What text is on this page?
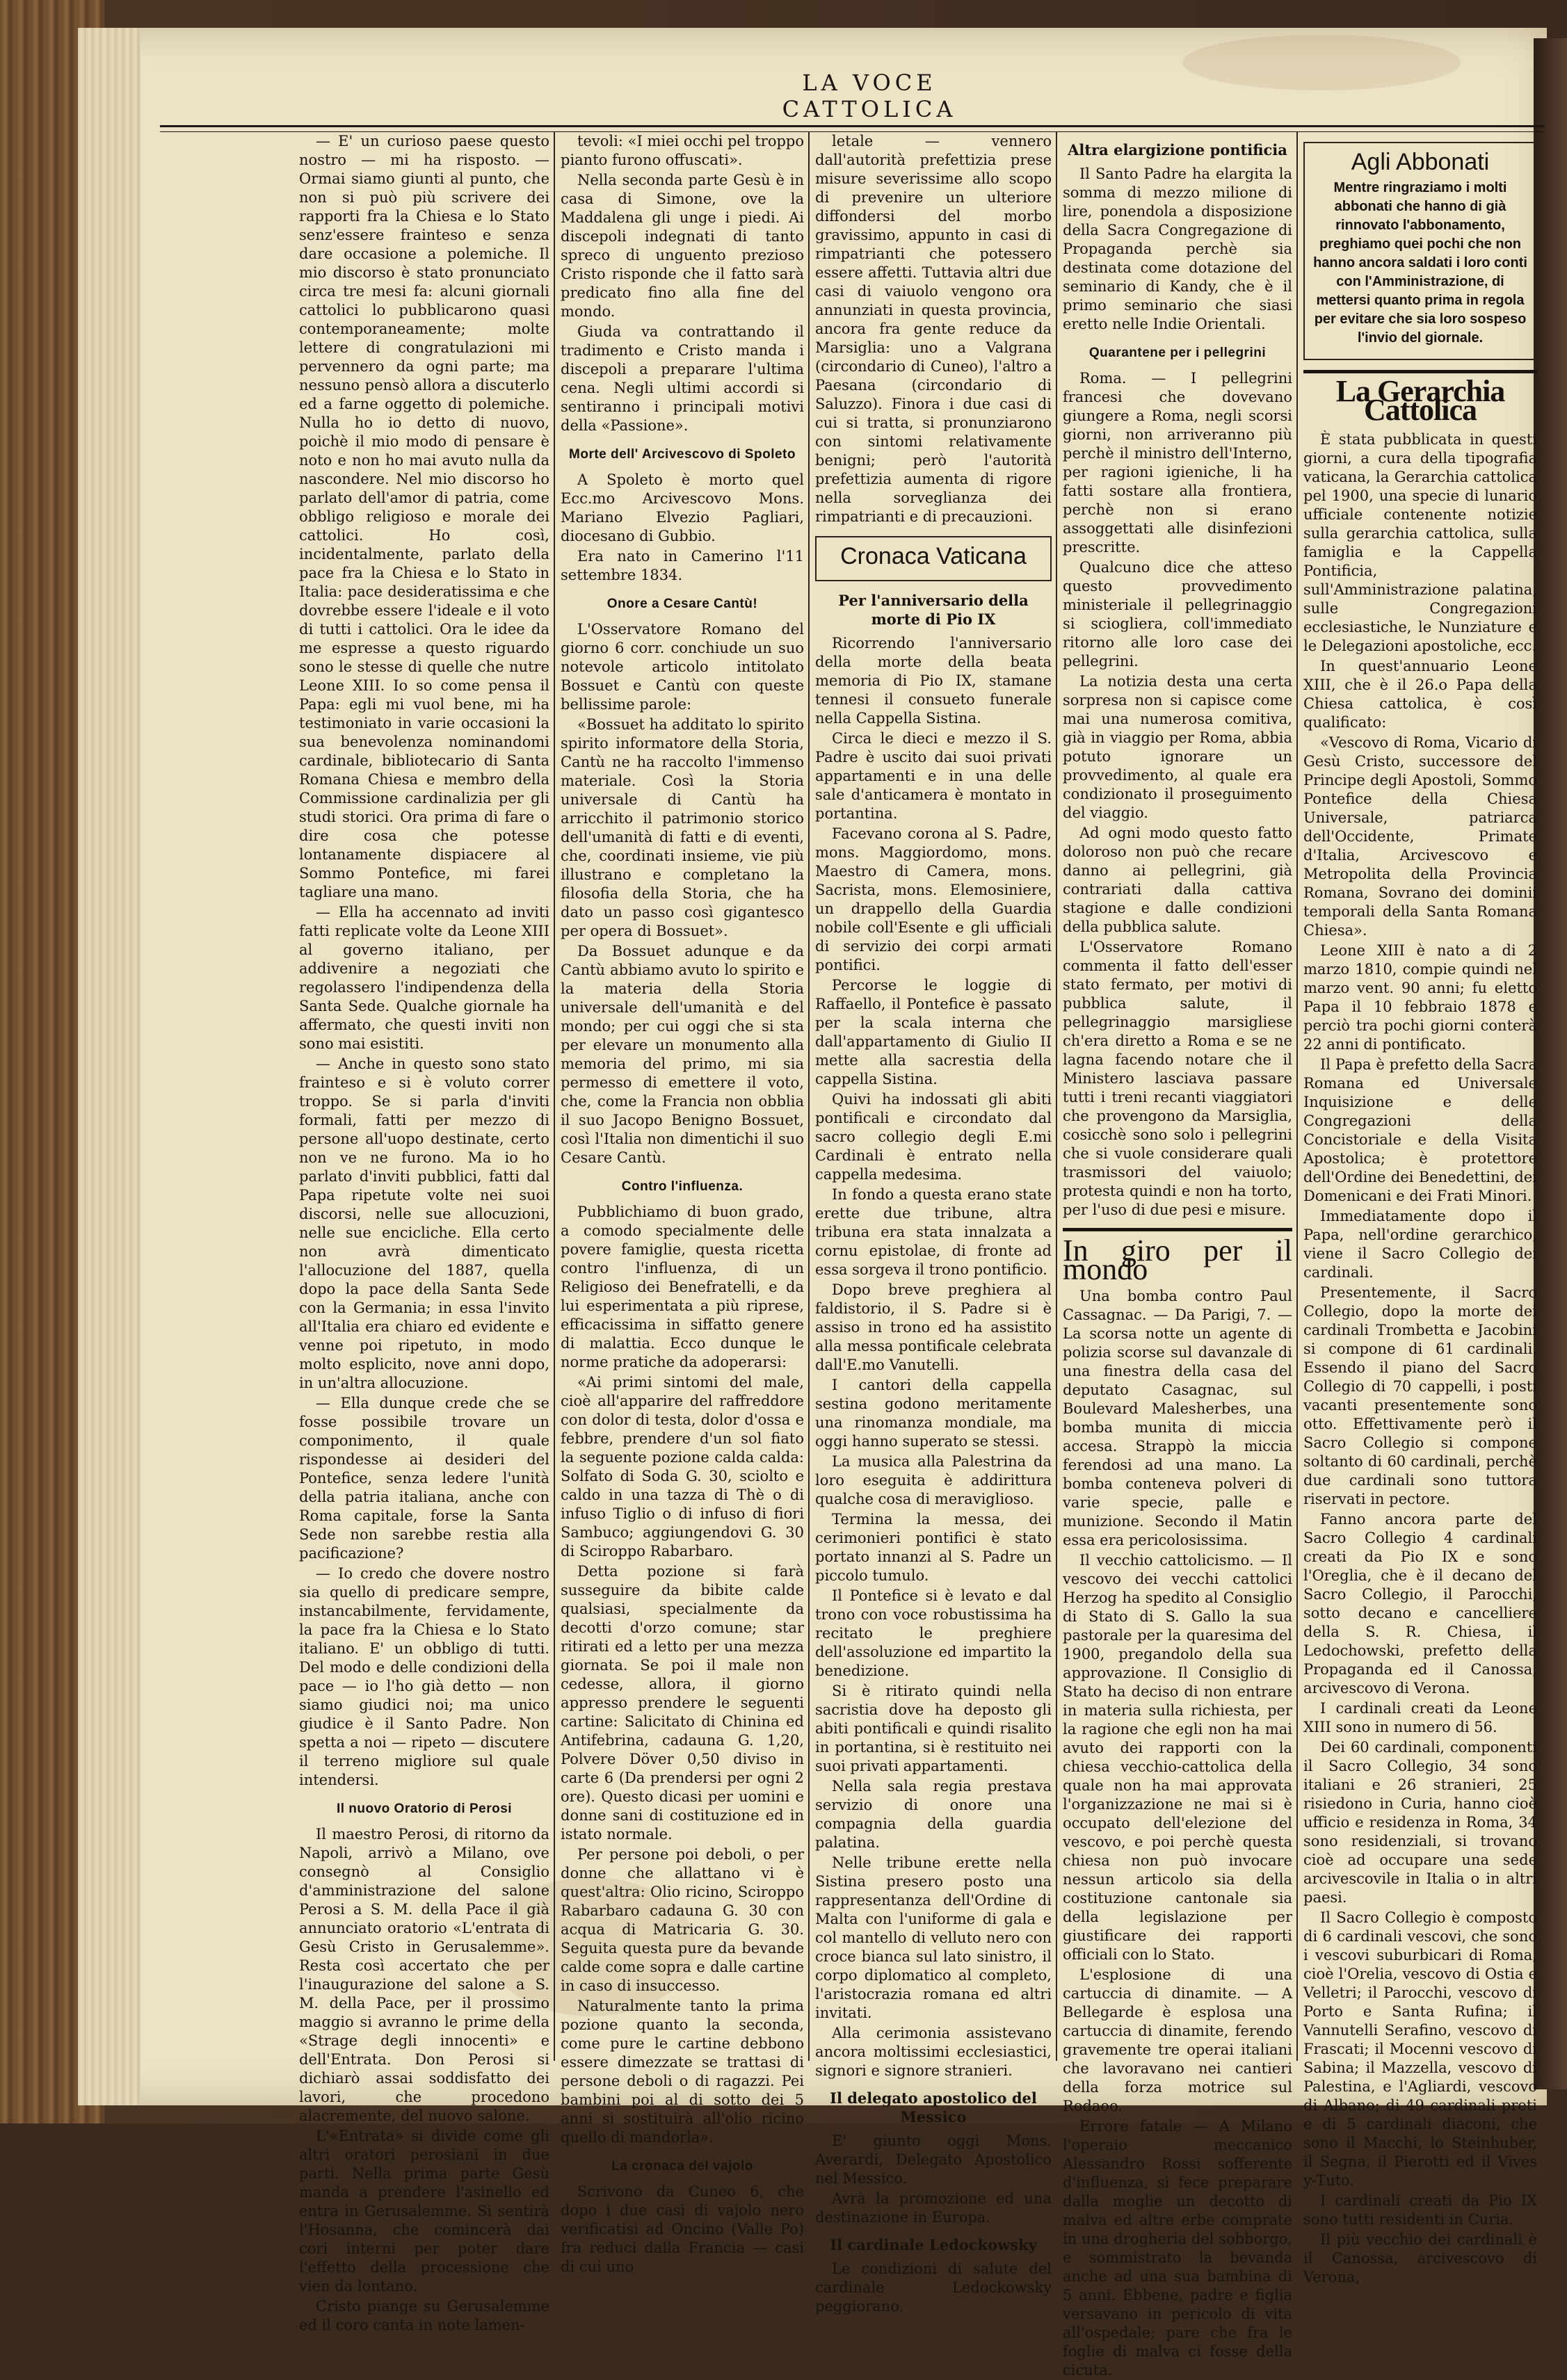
LA VOCE CATTOLICA

— E' un curioso paese questo nostro — mi ha risposto. — Ormai siamo giunti al punto, che non si può più scrivere dei rapporti fra la Chiesa e lo Stato senz'essere frainteso e senza dare occasione a polemiche. Il mio discorso è stato pronunciato circa tre mesi fa: alcuni giornali cattolici lo pubblicarono quasi contemporaneamente; molte lettere di congratulazioni mi pervennero da ogni parte; ma nessuno pensò allora a discuterlo ed a farne oggetto di polemiche. Nulla ho io detto di nuovo, poichè il mio modo di pensare è noto e non ho mai avuto nulla da nascondere. Nel mio discorso ho parlato dell'amor di patria, come obbligo religioso e morale dei cattolici. Ho così, incidentalmente, parlato della pace fra la Chiesa e lo Stato in Italia: pace desideratissima e che dovrebbe essere l'ideale e il voto di tutti i cattolici. Ora le idee da me espresse a questo riguardo sono le stesse di quelle che nutre Leone XIII. Io so come pensa il Papa: egli mi vuol bene, mi ha testimoniato in varie occasioni la sua benevolenza nominandomi cardinale, bibliotecario di Santa Romana Chiesa e membro della Commissione cardinalizia per gli studi storici. Ora prima di fare o dire cosa che potesse lontanamente dispiacere al Sommo Pontefice, mi farei tagliare una mano.

— Ella ha accennato ad inviti fatti replicate volte da Leone XIII al governo italiano, per addivenire a negoziati che regolassero l'indipendenza della Santa Sede. Qualche giornale ha affermato, che questi inviti non sono mai esistiti.

— Anche in questo sono stato frainteso e si è voluto correr troppo. Se si parla d'inviti formali, fatti per mezzo di persone all'uopo destinate, certo non ve ne furono. Ma io ho parlato d'inviti pubblici, fatti dal Papa ripetute volte nei suoi discorsi, nelle sue allocuzioni, nelle sue encicliche. Ella certo non avrà dimenticato l'allocuzione del 1887, quella dopo la pace della Santa Sede con la Germania; in essa l'invito all'Italia era chiaro ed evidente e venne poi ripetuto, in modo molto esplicito, nove anni dopo, in un'altra allocuzione.

— Ella dunque crede che se fosse possibile trovare un componimento, il quale rispondesse ai desideri del Pontefice, senza ledere l'unità della patria italiana, anche con Roma capitale, forse la Santa Sede non sarebbe restia alla pacificazione?

— Io credo che dovere nostro sia quello di predicare sempre, instancabilmente, fervidamente, la pace fra la Chiesa e lo Stato italiano. E' un obbligo di tutti. Del modo e delle condizioni della pace — io l'ho già detto — non siamo giudici noi; ma unico giudice è il Santo Padre. Non spetta a noi — ripeto — discutere il terreno migliore sul quale intendersi.

Il nuovo Oratorio di Perosi

Il maestro Perosi, di ritorno da Napoli, arrivò a Milano, ove consegnò al Consiglio d'amministrazione del salone Perosi a S. M. della Pace il già annunciato oratorio «L'entrata di Gesù Cristo in Gerusalemme». Resta così accertato che per l'inaugurazione del salone a S. M. della Pace, per il prossimo maggio si avranno le prime della «Strage degli innocenti» e dell'Entrata. Don Perosi si dichiarò assai soddisfatto dei lavori, che procedono alacremente, del nuovo salone.

L'«Entrata» si divide come gli altri oratori perosiani in due parti. Nella prima parte Gesù manda a prendere l'asinello ed entra in Gerusalemme. Si sentirà l'Hosanna, che comincerà dai cori interni per poter dare l'effetto della processione che vien da lontano.

Cristo piange su Gerusalemme ed il coro canta in note lamen-

tevoli: «I miei occhi pel troppo pianto furono offuscati».

Nella seconda parte Gesù è in casa di Simone, ove la Maddalena gli unge i piedi. Ai discepoli indegnati di tanto spreco di unguento prezioso Cristo risponde che il fatto sarà predicato fino alla fine del mondo.

Giuda va contrattando il tradimento e Cristo manda i discepoli a preparare l'ultima cena. Negli ultimi accordi si sentiranno i principali motivi della «Passione».

Morte dell' Arcivescovo di Spoleto

A Spoleto è morto quel Ecc.mo Arcivescovo Mons. Mariano Elvezio Pagliari, diocesano di Gubbio.

Era nato in Camerino l'11 settembre 1834.

Onore a Cesare Cantù!

L'Osservatore Romano del giorno 6 corr. conchiude un suo notevole articolo intitolato Bossuet e Cantù con queste bellissime parole:

«Bossuet ha additato lo spirito spirito informatore della Storia, Cantù ne ha raccolto l'immenso materiale. Così la Storia universale di Cantù ha arricchito il patrimonio storico dell'umanità di fatti e di eventi, che, coordinati insieme, vie più illustrano e completano la filosofia della Storia, che ha dato un passo così gigantesco per opera di Bossuet».

Da Bossuet adunque e da Cantù abbiamo avuto lo spirito e la materia della Storia universale dell'umanità e del mondo; per cui oggi che si sta per elevare un monumento alla memoria del primo, mi sia permesso di emettere il voto, che, come la Francia non obblia il suo Jacopo Benigno Bossuet, così l'Italia non dimentichi il suo Cesare Cantù.

Contro l'influenza.

Pubblichiamo di buon grado, a comodo specialmente delle povere famiglie, questa ricetta contro l'influenza, di un Religioso dei Benefratelli, e da lui esperimentata a più riprese, efficacissima in siffatto genere di malattia. Ecco dunque le norme pratiche da adoperarsi:

«Ai primi sintomi del male, cioè all'apparire del raffreddore con dolor di testa, dolor d'ossa e febbre, prendere d'un sol fiato la seguente pozione calda calda: Solfato di Soda G. 30, sciolto e caldo in una tazza di Thè o di infuso Tiglio o di infuso di fiori Sambuco; aggiungendovi G. 30 di Sciroppo Rabarbaro.

Detta pozione si farà susseguire da bibite calde qualsiasi, specialmente da decotti d'orzo comune; star ritirati ed a letto per una mezza giornata. Se poi il male non cedesse, allora, il giorno appresso prendere le seguenti cartine: Salicitato di Chinina ed Antifebrina, cadauna G. 1,20, Polvere Döver 0,50 diviso in carte 6 (Da prendersi per ogni 2 ore). Questo dicasi per uomini e donne sani di costituzione ed in istato normale.

Per persone poi deboli, o per donne che allattano vi è quest'altra: Olio ricino, Sciroppo Rabarbaro cadauna G. 30 con acqua di Matricaria G. 30. Seguita questa pure da bevande calde come sopra e dalle cartine in caso di insuccesso.

Naturalmente tanto la prima pozione quanto la seconda, come pure le cartine debbono essere dimezzate se trattasi di persone deboli o di ragazzi. Pei bambini poi al di sotto dei 5 anni si sostituirà all'olio ricino quello di mandorla».

La cronaca del vajolo

Scrivono da Cuneo 6, che dopo i due casi di vajolo nero verificatisi ad Oncino (Valle Po) fra reduci dalla Francia — casi di cui uno

letale — vennero dall'autorità prefettizia prese misure severissime allo scopo di prevenire un ulteriore diffondersi del morbo gravissimo, appunto in casi di rimpatrianti che potessero essere affetti. Tuttavia altri due casi di vaiuolo vengono ora annunziati in questa provincia, ancora fra gente reduce da Marsiglia: uno a Valgrana (circondario di Cuneo), l'altro a Paesana (circondario di Saluzzo). Finora i due casi di cui si tratta, si pronunziarono con sintomi relativamente benigni; però l'autorità prefettizia aumenta di rigore nella sorveglianza dei rimpatrianti e di precauzioni.

Cronaca Vaticana
Per l'anniversario della morte di Pio IX

Ricorrendo l'anniversario della morte della beata memoria di Pio IX, stamane tennesi il consueto funerale nella Cappella Sistina.

Circa le dieci e mezzo il S. Padre è uscito dai suoi privati appartamenti e in una delle sale d'anticamera è montato in portantina.

Facevano corona al S. Padre, mons. Maggiordomo, mons. Maestro di Camera, mons. Sacrista, mons. Elemosiniere, un drappello della Guardia nobile coll'Esente e gli ufficiali di servizio dei corpi armati pontifici.

Percorse le loggie di Raffaello, il Pontefice è passato per la scala interna che dall'appartamento di Giulio II mette alla sacrestia della cappella Sistina.

Quivi ha indossati gli abiti pontificali e circondato dal sacro collegio degli E.mi Cardinali è entrato nella cappella medesima.

In fondo a questa erano state erette due tribune, altra tribuna era stata innalzata a cornu epistolae, di fronte ad essa sorgeva il trono pontificio.

Dopo breve preghiera al faldistorio, il S. Padre si è assiso in trono ed ha assistito alla messa pontificale celebrata dall'E.mo Vanutelli.

I cantori della cappella sestina godono meritamente una rinomanza mondiale, ma oggi hanno superato se stessi.

La musica alla Palestrina da loro eseguita è addirittura qualche cosa di meraviglioso.

Termina la messa, dei cerimonieri pontifici è stato portato innanzi al S. Padre un piccolo tumulo.

Il Pontefice si è levato e dal trono con voce robustissima ha recitato le preghiere dell'assoluzione ed impartito la benedizione.

Si è ritirato quindi nella sacristia dove ha deposto gli abiti pontificali e quindi risalito in portantina, si è restituito nei suoi privati appartamenti.

Nella sala regia prestava servizio di onore una compagnia della guardia palatina.

Nelle tribune erette nella Sistina presero posto una rappresentanza dell'Ordine di Malta con l'uniforme di gala e col mantello di velluto nero con croce bianca sul lato sinistro, il corpo diplomatico al completo, l'aristocrazia romana ed altri invitati.

Alla cerimonia assistevano ancora moltissimi ecclesiastici, signori e signore stranieri.

Il delegato apostolico del Messico

E' giunto oggi Mons. Averardi, Delegato Apostolico nel Messico.

Avrà la promozione ed una destinazione in Europa.

Il cardinale Ledockowsky

Le condizioni di salute del cardinale Ledockowsky peggiorano.

Altra elargizione pontificia

Il Santo Padre ha elargita la somma di mezzo milione di lire, ponendola a disposizione della Sacra Congregazione di Propaganda perchè sia destinata come dotazione del seminario di Kandy, che è il primo seminario che siasi eretto nelle Indie Orientali.

Quarantene per i pellegrini

Roma. — I pellegrini francesi che dovevano giungere a Roma, negli scorsi giorni, non arriveranno più perchè il ministro dell'Interno, per ragioni igieniche, li ha fatti sostare alla frontiera, perchè non si erano assoggettati alle disinfezioni prescritte.

Qualcuno dice che atteso questo provvedimento ministeriale il pellegrinaggio si sciogliera, coll'immediato ritorno alle loro case dei pellegrini.

La notizia desta una certa sorpresa non si capisce come mai una numerosa comitiva, già in viaggio per Roma, abbia potuto ignorare un provvedimento, al quale era condizionato il proseguimento del viaggio.

Ad ogni modo questo fatto doloroso non può che recare danno ai pellegrini, già contrariati dalla cattiva stagione e dalle condizioni della pubblica salute.

L'Osservatore Romano commenta il fatto dell'esser stato fermato, per motivi di pubblica salute, il pellegrinaggio marsigliese ch'era diretto a Roma e se ne lagna facendo notare che il Ministero lasciava passare tutti i treni recanti viaggiatori che provengono da Marsiglia, cosicchè sono solo i pellegrini che si vuole considerare quali trasmissori del vaiuolo; protesta quindi e non ha torto, per l'uso di due pesi e misure.

In giro per il mondo

Una bomba contro Paul Cassagnac. — Da Parigi, 7. — La scorsa notte un agente di polizia scorse sul davanzale di una finestra della casa del deputato Casagnac, sul Boulevard Malesherbes, una bomba munita di miccia accesa. Strappò la miccia ferendosi ad una mano. La bomba conteneva polveri di varie specie, palle e munizione. Secondo il Matin essa era pericolosissima.

Il vecchio cattolicismo. — Il vescovo dei vecchi cattolici Herzog ha spedito al Consiglio di Stato di S. Gallo la sua pastorale per la quaresima del 1900, pregandolo della sua approvazione. Il Consiglio di Stato ha deciso di non entrare in materia sulla richiesta, per la ragione che egli non ha mai avuto dei rapporti con la chiesa vecchio-cattolica della quale non ha mai approvata l'organizzazione ne mai si è occupato dell'elezione del vescovo, e poi perchè questa chiesa non può invocare nessun articolo sia della costituzione cantonale sia della legislazione per giustificare dei rapporti officiali con lo Stato.

L'esplosione di una cartuccia di dinamite. — A Bellegarde è esplosa una cartuccia di dinamite, ferendo gravemente tre operai italiani che lavoravano nei cantieri della forza motrice sul Rodaoo.

Errore fatale — A Milano l'operaio meccanico Alessandro Rossi sofferente d'influenza, si fece preparare dalla moglie un decotto di malva ed altre erbe comprate in una drogheria del sobborgo, e sommistrato la bevanda anche ad una sua bambina di 5 anni. Ebbene, padre e figlia versavano in pericolo di vita all'ospedale; pare che fra le foglie di malva ci fosse della cicuta.

Agli Abbonati
Mentre ringraziamo i molti abbonati che hanno di già rinnovato l'abbonamento, preghiamo quei pochi che non hanno ancora saldati i loro conti con l'Amministrazione, di mettersi quanto prima in regola per evitare che sia loro sospeso l'invio del giornale.
La Gerarchia Cattolica

È stata pubblicata in questi giorni, a cura della tipografia vaticana, la Gerarchia cattolica pel 1900, una specie di lunario ufficiale contenente notizie sulla gerarchia cattolica, sulla famiglia e la Cappella Pontificia, sull'Amministrazione palatina, sulle Congregazioni ecclesiastiche, le Nunziature e le Delegazioni apostoliche, ecc.

In quest'annuario Leone XIII, che è il 26.o Papa della Chiesa cattolica, è così qualificato:

«Vescovo di Roma, Vicario di Gesù Cristo, successore del Principe degli Apostoli, Sommo Pontefice della Chiesa Universale, patriarca dell'Occidente, Primate d'Italia, Arcivescovo e Metropolita della Provincia Romana, Sovrano dei dominii temporali della Santa Romana Chiesa».

Leone XIII è nato a di 2 marzo 1810, compie quindi nel marzo vent. 90 anni; fu eletto Papa il 10 febbraio 1878 e perciò tra pochi giorni conterà 22 anni di pontificato.

Il Papa è prefetto della Sacra Romana ed Universale Inquisizione e delle Congregazioni della Concistoriale e della Visita Apostolica; è protettore dell'Ordine dei Benedettini, dei Domenicani e dei Frati Minori.

Immediatamente dopo il Papa, nell'ordine gerarchico, viene il Sacro Collegio dei cardinali.

Presentemente, il Sacro Collegio, dopo la morte dei cardinali Trombetta e Jacobini si compone di 61 cardinali. Essendo il piano del Sacro Collegio di 70 cappelli, i posti vacanti presentemente sono otto. Effettivamente però il Sacro Collegio si compone soltanto di 60 cardinali, perchè due cardinali sono tuttora riservati in pectore.

Fanno ancora parte del Sacro Collegio 4 cardinali creati da Pio IX e sono l'Oreglia, che è il decano del Sacro Collegio, il Parocchi, sotto decano e cancelliere della S. R. Chiesa, il Ledochowski, prefetto della Propaganda ed il Canossa, arcivescovo di Verona.

I cardinali creati da Leone XIII sono in numero di 56.

Dei 60 cardinali, componenti il Sacro Collegio, 34 sono italiani e 26 stranieri, 25 risiedono in Curia, hanno cioè ufficio e residenza in Roma, 34 sono residenziali, si trovano cioè ad occupare una sede arcivescovile in Italia o in altri paesi.

Il Sacro Collegio è composto di 6 cardinali vescovi, che sono i vescovi suburbicari di Roma, cioè l'Orelia, vescovo di Ostia e Velletri; il Parocchi, vescovo di Porto e Santa Rufina; il Vannutelli Serafino, vescovo di Frascati; il Mocenni vescovo di Sabina; il Mazzella, vescovo di Palestina, e l'Agliardi, vescovo di Albano; di 49 cardinali preti e di 5 cardinali diaconi, che sono il Macchi, lo Steinhuber, il Segna, il Pierotti ed il Vives y-Tuto.

I cardinali creati da Pio IX sono tutti residenti in Curia.

Il più vecchio dei cardinali è il Canossa, arcivescovo di Verona,
